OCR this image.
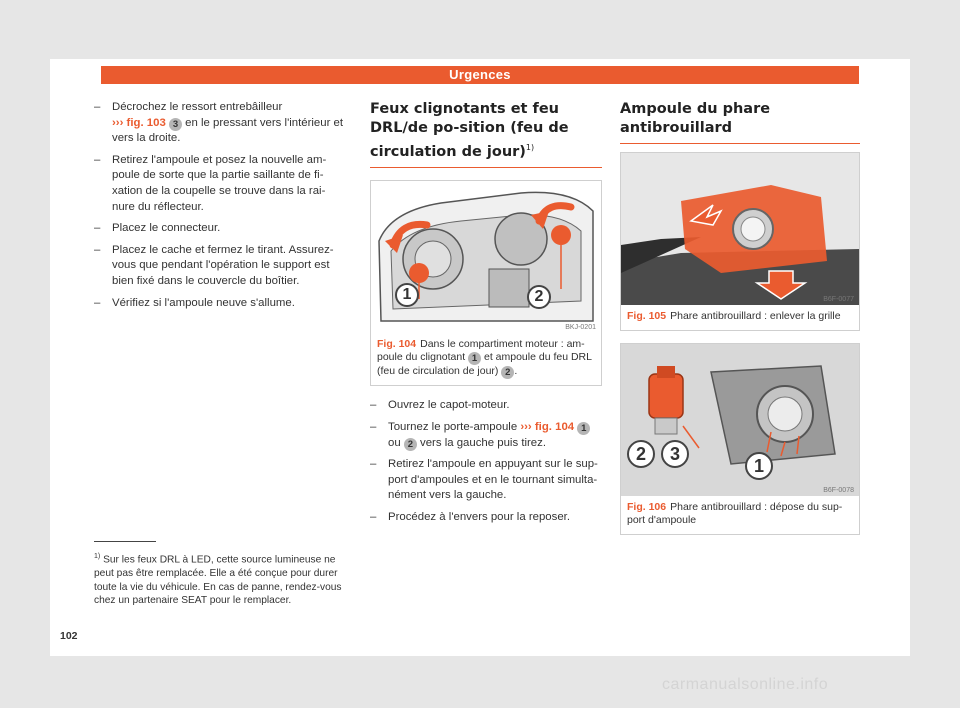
Urgences
– Décrochez le ressort entrebâilleur
››› fig. 103 3 en le pressant vers l'intérieur et vers la droite.
– Retirez l'ampoule et posez la nouvelle am-poule de sorte que la partie saillante de fi-xation de la coupelle se trouve dans la rai-nure du réflecteur.
– Placez le connecteur.
– Placez le cache et fermez le tirant. Assurez-vous que pendant l'opération le support est bien fixé dans le couvercle du boîtier.
– Vérifiez si l'ampoule neuve s'allume.
Feux clignotants et feu DRL/de po-sition (feu de circulation de jour)$^{1)}$
1	2
BKJ-0201
Fig. 104 Dans le compartiment moteur : am-poule du clignotant 1 et ampoule du feu DRL (feu de circulation de jour) 2 .
– Ouvrez le capot-moteur.
– Tournez le porte-ampoule ››› fig. 104 1 ou 2 vers la gauche puis tirez.
– Retirez l'ampoule en appuyant sur le sup-port d'ampoules et en le tournant simulta-nément vers la gauche.
– Procédez à l'envers pour la reposer.
Ampoule du phare antibrouillard
B6F-0077
Fig. 105 Phare antibrouillard : enlever la grille
2	3
1
B6F-0078
Fig. 106 Phare antibrouillard : dépose du sup-port d'ampoule
$^{1)}$ Sur les feux DRL à LED, cette source lumineuse ne peut pas être remplacée. Elle a été conçue pour durer toute la vie du véhicule. En cas de panne, rendez-vous chez un partenaire SEAT pour le remplacer.
102
carmanualsonline.info
